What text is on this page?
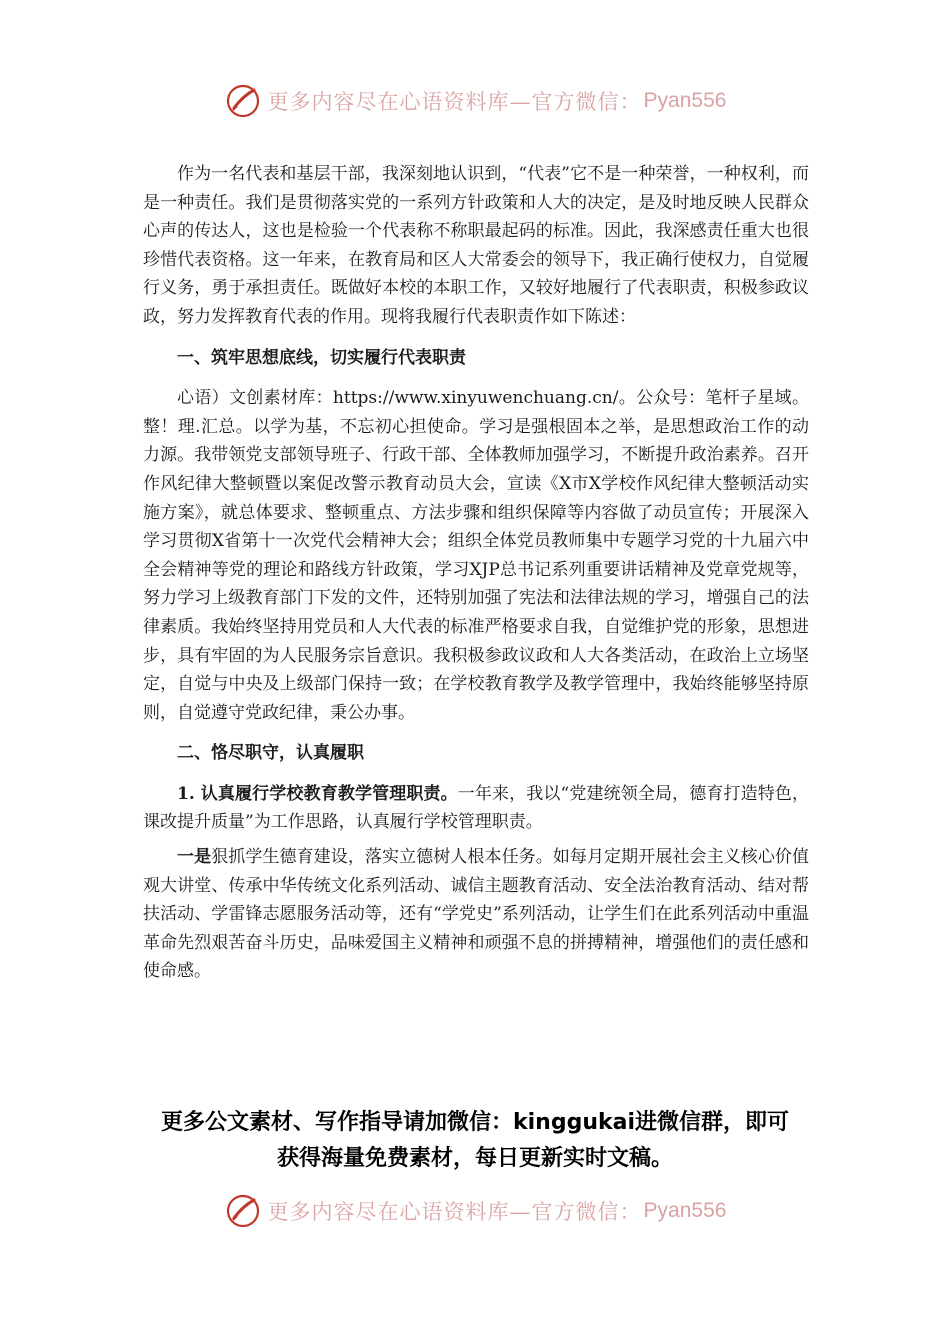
更多内容尽在心语资料库—官方微信： Pyan556

作为一名代表和基层干部，我深刻地认识到，“代表”它不是一种荣誉，一种权利，而是一种责任。我们是贯彻落实党的一系列方针政策和人大的决定，是及时地反映人民群众心声的传达人，这也是检验一个代表称不称职最起码的标准。因此，我深感责任重大也很珍惜代表资格。这一年来，在教育局和区人大常委会的领导下，我正确行使权力，自觉履行义务，勇于承担责任。既做好本校的本职工作，又较好地履行了代表职责，积极参政议政，努力发挥教育代表的作用。现将我履行代表职责作如下陈述：

一、筑牢思想底线，切实履行代表职责

心语）文创素材库：https://www.xinyuwenchuang.cn/。公众号：笔杆子星域。整！理.汇总。以学为基，不忘初心担使命。学习是强根固本之举，是思想政治工作的动力源。我带领党支部领导班子、行政干部、全体教师加强学习，不断提升政治素养。召开作风纪律大整顿暨以案促改警示教育动员大会，宣读《X市X学校作风纪律大整顿活动实施方案》，就总体要求、整顿重点、方法步骤和组织保障等内容做了动员宣传；开展深入学习贯彻X省第十一次党代会精神大会；组织全体党员教师集中专题学习党的十九届六中全会精神等党的理论和路线方针政策，学习XJP总书记系列重要讲话精神及党章党规等，努力学习上级教育部门下发的文件，还特别加强了宪法和法律法规的学习，增强自己的法律素质。我始终坚持用党员和人大代表的标准严格要求自我，自觉维护党的形象，思想进步，具有牢固的为人民服务宗旨意识。我积极参政议政和人大各类活动，在政治上立场坚定，自觉与中央及上级部门保持一致；在学校教育教学及教学管理中，我始终能够坚持原则，自觉遵守党政纪律，秉公办事。

二、恪尽职守，认真履职

1. 认真履行学校教育教学管理职责。一年来，我以“党建统领全局，德育打造特色，课改提升质量”为工作思路，认真履行学校管理职责。

一是狠抓学生德育建设，落实立德树人根本任务。如每月定期开展社会主义核心价值观大讲堂、传承中华传统文化系列活动、诚信主题教育活动、安全法治教育活动、结对帮扶活动、学雷锋志愿服务活动等，还有“学党史”系列活动，让学生们在此系列活动中重温革命先烈艰苦奋斗历史，品味爱国主义精神和顽强不息的拼搏精神，增强他们的责任感和使命感。

更多公文素材、写作指导请加微信：kinggukai进微信群，即可
获得海量免费素材，每日更新实时文稿。
更多内容尽在心语资料库—官方微信： Pyan556
